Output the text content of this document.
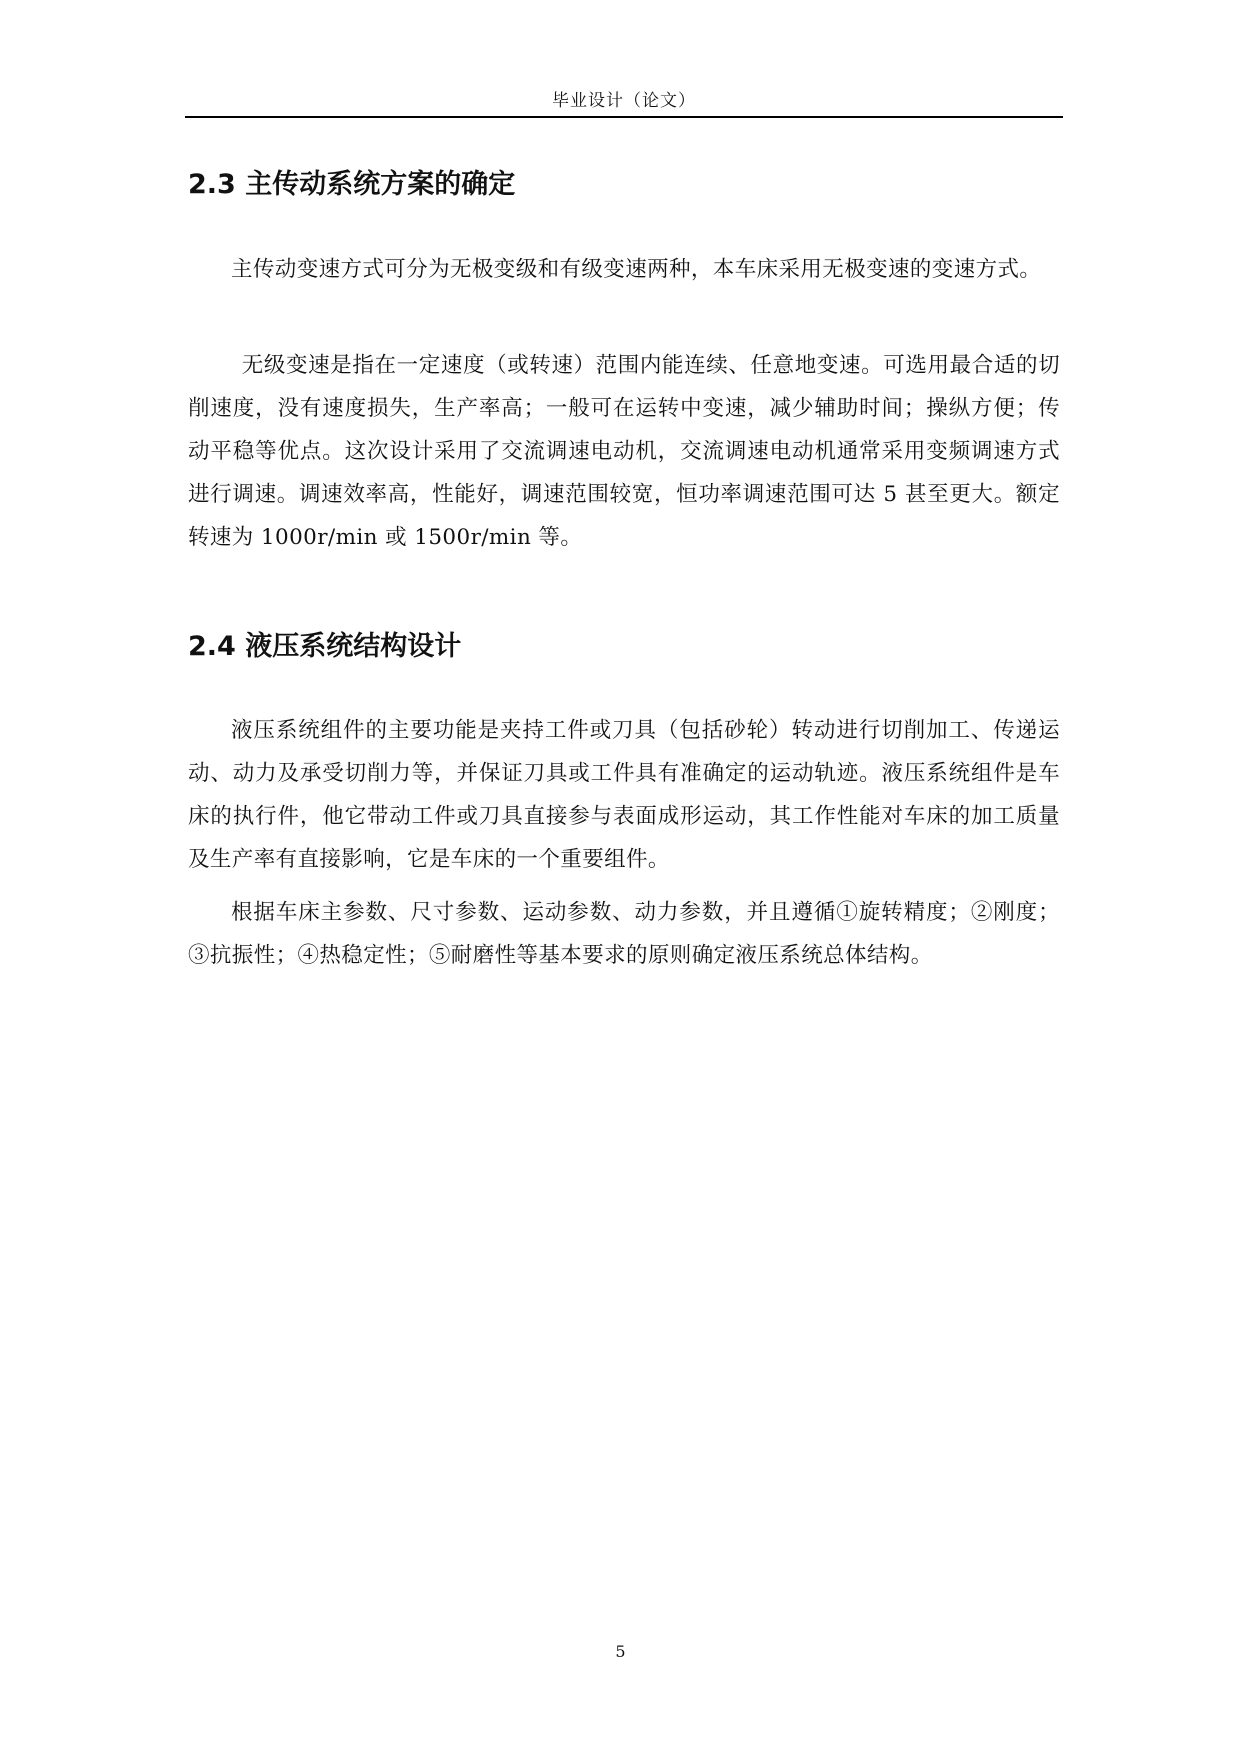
毕业设计（论文）
2.3 主传动系统方案的确定

主传动变速方式可分为无极变级和有级变速两种，本车床采用无极变速的变速方式。

无级变速是指在一定速度（或转速）范围内能连续、任意地变速。可选用最合适的切削速度，没有速度损失，生产率高；一般可在运转中变速，减少辅助时间；操纵方便；传动平稳等优点。这次设计采用了交流调速电动机，交流调速电动机通常采用变频调速方式进行调速。调速效率高，性能好，调速范围较宽，恒功率调速范围可达 5 甚至更大。额定转速为 1000r/min 或 1500r/min 等。

2.4 液压系统结构设计

液压系统组件的主要功能是夹持工件或刀具（包括砂轮）转动进行切削加工、传递运动、动力及承受切削力等，并保证刀具或工件具有准确定的运动轨迹。液压系统组件是车床的执行件，他它带动工件或刀具直接参与表面成形运动，其工作性能对车床的加工质量及生产率有直接影响，它是车床的一个重要组件。

根据车床主参数、尺寸参数、运动参数、动力参数，并且遵循①旋转精度；②刚度；③抗振性；④热稳定性；⑤耐磨性等基本要求的原则确定液压系统总体结构。

5
